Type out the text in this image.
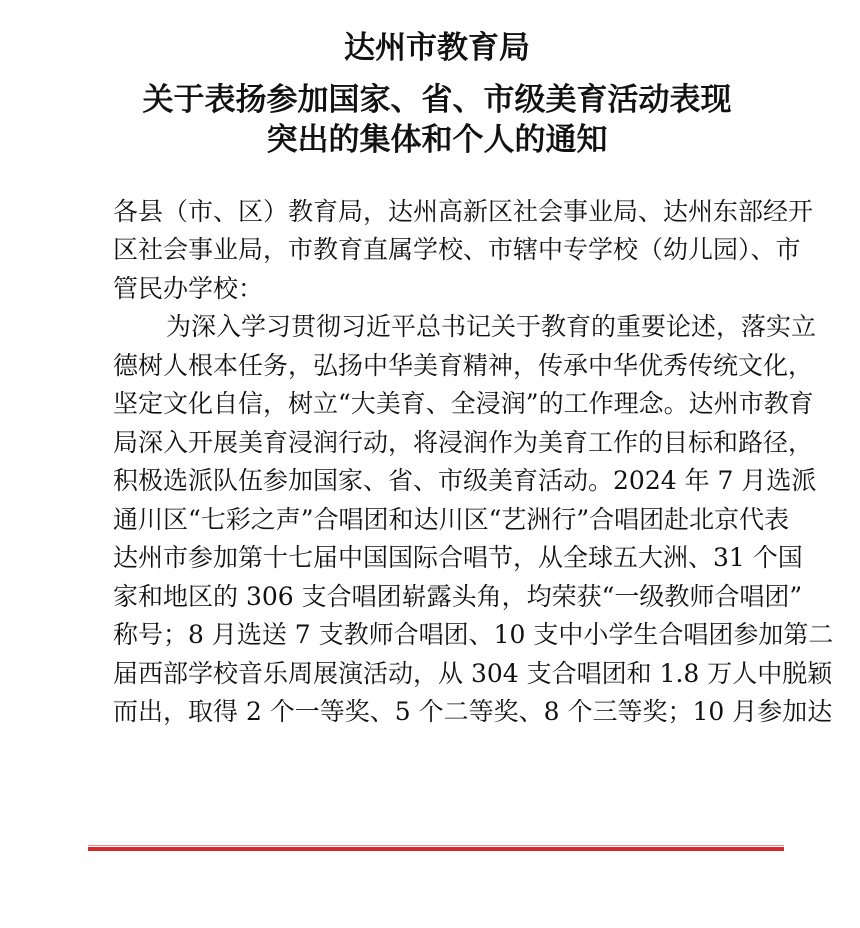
达州市教育局
关于表扬参加国家、省、市级美育活动表现
突出的集体和个人的通知
各县（市、区）教育局，达州高新区社会事业局、达州东部经开
区社会事业局，市教育直属学校、市辖中专学校（幼儿园）、市
管民办学校：
为深入学习贯彻习近平总书记关于教育的重要论述，落实立
德树人根本任务，弘扬中华美育精神，传承中华优秀传统文化，
坚定文化自信，树立“大美育、全浸润”的工作理念。达州市教育
局深入开展美育浸润行动，将浸润作为美育工作的目标和路径，
积极选派队伍参加国家、省、市级美育活动。2024 年 7 月选派
通川区“七彩之声”合唱团和达川区“艺洲行”合唱团赴北京代表
达州市参加第十七届中国国际合唱节，从全球五大洲、31 个国
家和地区的 306 支合唱团崭露头角，均荣获“一级教师合唱团”
称号；8 月选送 7 支教师合唱团、10 支中小学生合唱团参加第二
届西部学校音乐周展演活动，从 304 支合唱团和 1.8 万人中脱颖
而出，取得 2 个一等奖、5 个二等奖、8 个三等奖；10 月参加达
